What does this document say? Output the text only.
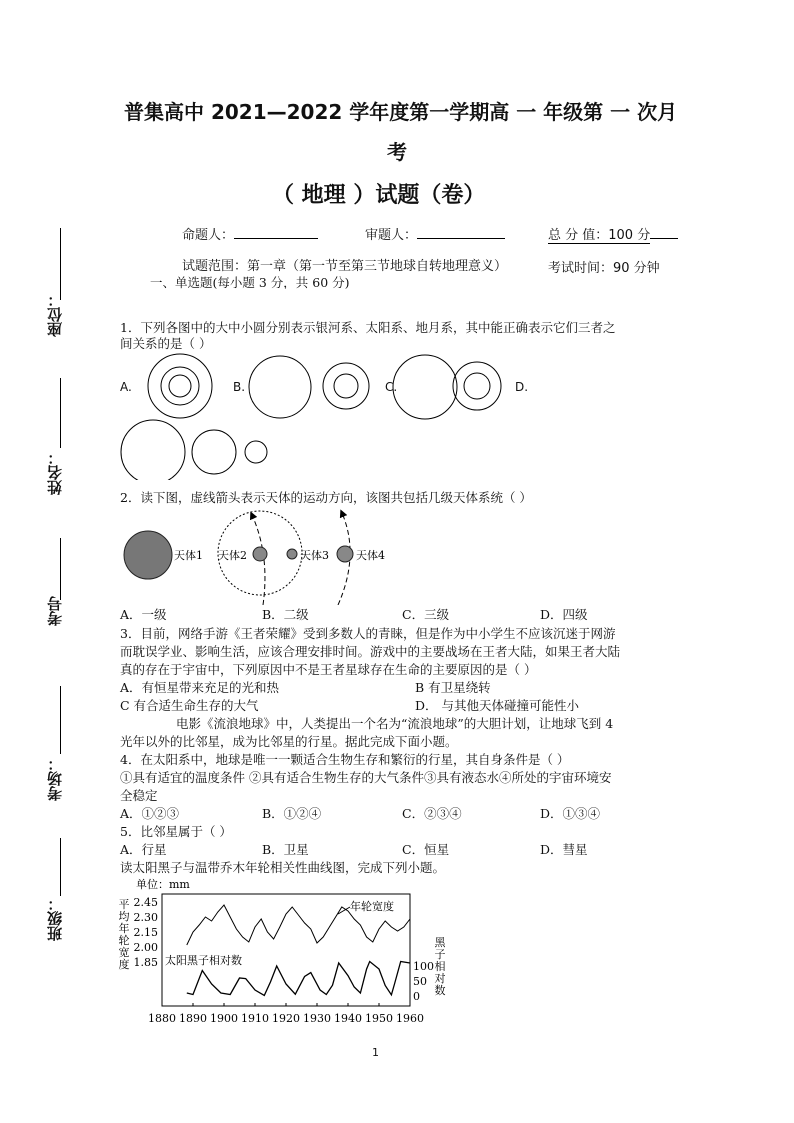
座位：
姓名：
考号
考场：
班级：
普集高中 2021—2022 学年度第一学期高 一 年级第 一 次月
考
（ 地理 ）试题（卷）
命题人：	审题人：	总 分 值：100 分
试题范围：第一章（第一节至第三节地球自转地理意义）	考试时间：90 分钟
一、单选题(每小题 3 分，共 60 分)
1．下列各图中的大中小圆分别表示银河系、太阳系、地月系，其中能正确表示它们三者之
间关系的是（ ）
A.	B.	C.	D.
2．读下图，虚线箭头表示天体的运动方向，该图共包括几级天体系统（ ）
天体1 天体2	天体3 天体4
A．一级	B．二级	C．三级	D．四级
3．目前，网络手游《王者荣耀》受到多数人的青睐，但是作为中小学生不应该沉迷于网游
而耽误学业、影响生活，应该合理安排时间。游戏中的主要战场在王者大陆，如果王者大陆
真的存在于宇宙中，下列原因中不是王者星球存在生命的主要原因的是（ ）
A．有恒星带来充足的光和热	B 有卫星绕转
C 有合适生命生存的大气	D． 与其他天体碰撞可能性小
电影《流浪地球》中，人类提出一个名为“流浪地球”的大胆计划，让地球飞到 4
光年以外的比邻星，成为比邻星的行星。据此完成下面小题。
4．在太阳系中，地球是唯一一颗适合生物生存和繁衍的行星，其自身条件是（ ）
①具有适宜的温度条件 ②具有适合生物生存的大气条件③具有液态水④所处的宇宙环境安
全稳定
A．①②③	B．①②④	C．②③④	D．①③④
5．比邻星属于（ ）
A．行星	B．卫星	C．恒星	D．彗星
读太阳黑子与温带乔木年轮相关性曲线图，完成下列小题。
单位：mm
平
均
年
轮
宽
度
黑
子
相
对
数
2.45
2.30
2.15
2.00
1.85	100
50
0
1880 1890 1900 1910 1920 1930 1940 1950 1960
年轮宽度
太阳黑子相对数
1
